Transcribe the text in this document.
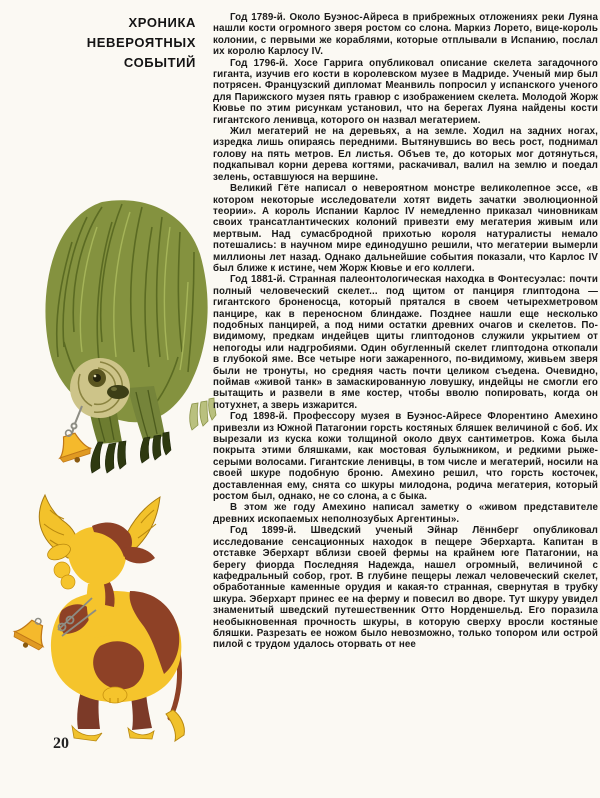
ХРОНИКА
НЕВЕРОЯТНЫХ
СОБЫТИЙ

Год 1789-й. Около Буэнос-Айреса в прибрежных отложениях реки Луяна нашли кости огромного зверя ростом со слона. Маркиз Лорето, вице-король колонии, с первыми же кораблями, которые отплывали в Испанию, послал их королю Карлосу IV.

Год 1796-й. Хосе Гаррига опубликовал описание скелета загадочного гиганта, изучив его кости в королевском музее в Мадриде. Ученый мир был потрясен. Французский дипломат Меанвиль попросил у испанского ученого для Парижского музея пять гравюр с изображением скелета. Молодой Жорж Кювье по этим рисункам установил, что на берегах Луяна найдены кости гигантского ленивца, которого он назвал мегатерием.

Жил мегатерий не на деревьях, а на земле. Ходил на задних ногах, изредка лишь опираясь передними. Вытянувшись во весь рост, поднимал голову на пять метров. Ел листья. Объев те, до которых мог дотянуться, подкапывал корни дерева когтями, раскачивал, валил на землю и поедал зелень, оставшуюся на вершине.

Великий Гёте написал о невероятном монстре великолепное эссе, «в котором некоторые исследователи хотят видеть зачатки эволюционной теории». А король Испании Карлос IV немедленно приказал чиновникам своих трансатлантических колоний привезти ему мегатерия живым или мертвым. Над сумасбродной прихотью короля натуралисты немало потешались: в научном мире единодушно решили, что мегатерии вымерли миллионы лет назад. Однако дальнейшие события показали, что Карлос IV был ближе к истине, чем Жорж Кювье и его коллеги.

Год 1881-й. Странная палеонтологическая находка в Фонтесуэлас: почти полный человеческий скелет... под щитом от панциря глиптодона — гигантского броненосца, который прятался в своем четырехметровом панцире, как в переносном блиндаже. Позднее нашли еще несколько подобных панцирей, а под ними остатки древних очагов и скелетов. По-видимому, предкам индейцев щиты глиптодонов служили укрытием от непогоды или надгробиями. Один обугленный скелет глиптодона откопали в глубокой яме. Все четыре ноги зажаренного, по-видимому, живьем зверя были не тронуты, но средняя часть почти целиком съедена. Очевидно, поймав «живой танк» в замаскированную ловушку, индейцы не смогли его вытащить и развели в яме костер, чтобы вволю попировать, когда он потухнет, а зверь изжарится.

Год 1898-й. Профессору музея в Буэнос-Айресе Флорентино Амехино привезли из Южной Патагонии горсть костяных бляшек величиной с боб. Их вырезали из куска кожи толщиной около двух сантиметров. Кожа была покрыта этими бляшками, как мостовая булыжником, и редкими рыже-серыми волосами. Гигантские ленивцы, в том числе и мегатерий, носили на своей шкуре подобную броню. Амехино решил, что горсть косточек, доставленная ему, снята со шкуры милодона, родича мегатерия, который ростом был, однако, не со слона, а с быка.

В этом же году Амехино написал заметку о «живом представителе древних ископаемых неполнозубых Аргентины».

Год 1899-й. Шведский ученый Эйнар Лённберг опубликовал исследование сенсационных находок в пещере Эберхарта. Капитан в отставке Эберхарт вблизи своей фермы на крайнем юге Патагонии, на берегу фиорда Последняя Надежда, нашел огромный, величиной с кафедральный собор, грот. В глубине пещеры лежал человеческий скелет, обработанные каменные орудия и какая-то странная, свернутая в трубку шкура. Эберхарт принес ее на ферму и повесил во дворе. Тут шкуру увидел знаменитый шведский путешественник Отто Норденшельд. Его поразила необыкновенная прочность шкуры, в которую сверху вросли костяные бляшки. Разрезать ее ножом было невозможно, только топором или острой пилой с трудом удалось оторвать от нее

20
